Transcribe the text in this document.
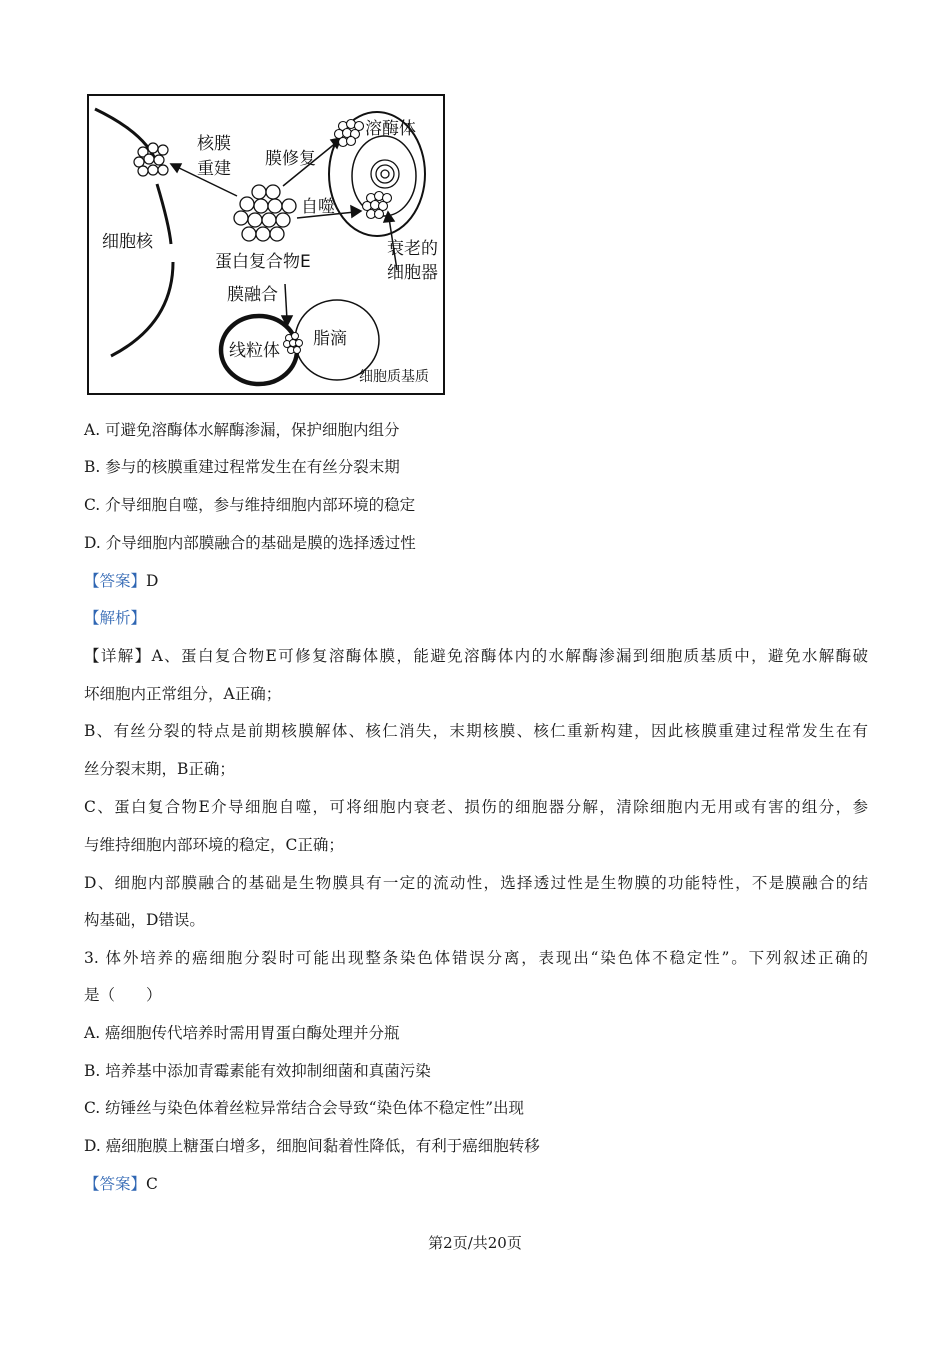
核膜
重建 膜修复
溶酶体
自噬
细胞核
蛋白复合物E
衰老的
细胞器
膜融合
脂滴
线粒体
细胞质基质
A. 可避免溶酶体水解酶渗漏，保护细胞内组分
B. 参与的核膜重建过程常发生在有丝分裂末期
C. 介导细胞自噬，参与维持细胞内部环境的稳定
D. 介导细胞内部膜融合的基础是膜的选择透过性
【答案】D
【解析】
【详解】A、蛋白复合物E可修复溶酶体膜，能避免溶酶体内的水解酶渗漏到细胞质基质中，避免水解酶破
坏细胞内正常组分，A正确；
B、有丝分裂的特点是前期核膜解体、核仁消失，末期核膜、核仁重新构建，因此核膜重建过程常发生在有
丝分裂末期，B正确；
C、蛋白复合物E介导细胞自噬，可将细胞内衰老、损伤的细胞器分解，清除细胞内无用或有害的组分，参
与维持细胞内部环境的稳定，C正确；
D、细胞内部膜融合的基础是生物膜具有一定的流动性，选择透过性是生物膜的功能特性，不是膜融合的结
构基础，D错误。
3. 体外培养的癌细胞分裂时可能出现整条染色体错误分离，表现出“染色体不稳定性”。下列叙述正确的
是（　　）
A. 癌细胞传代培养时需用胃蛋白酶处理并分瓶
B. 培养基中添加青霉素能有效抑制细菌和真菌污染
C. 纺锤丝与染色体着丝粒异常结合会导致“染色体不稳定性”出现
D. 癌细胞膜上糖蛋白增多，细胞间黏着性降低，有利于癌细胞转移
【答案】C
第2页/共20页
